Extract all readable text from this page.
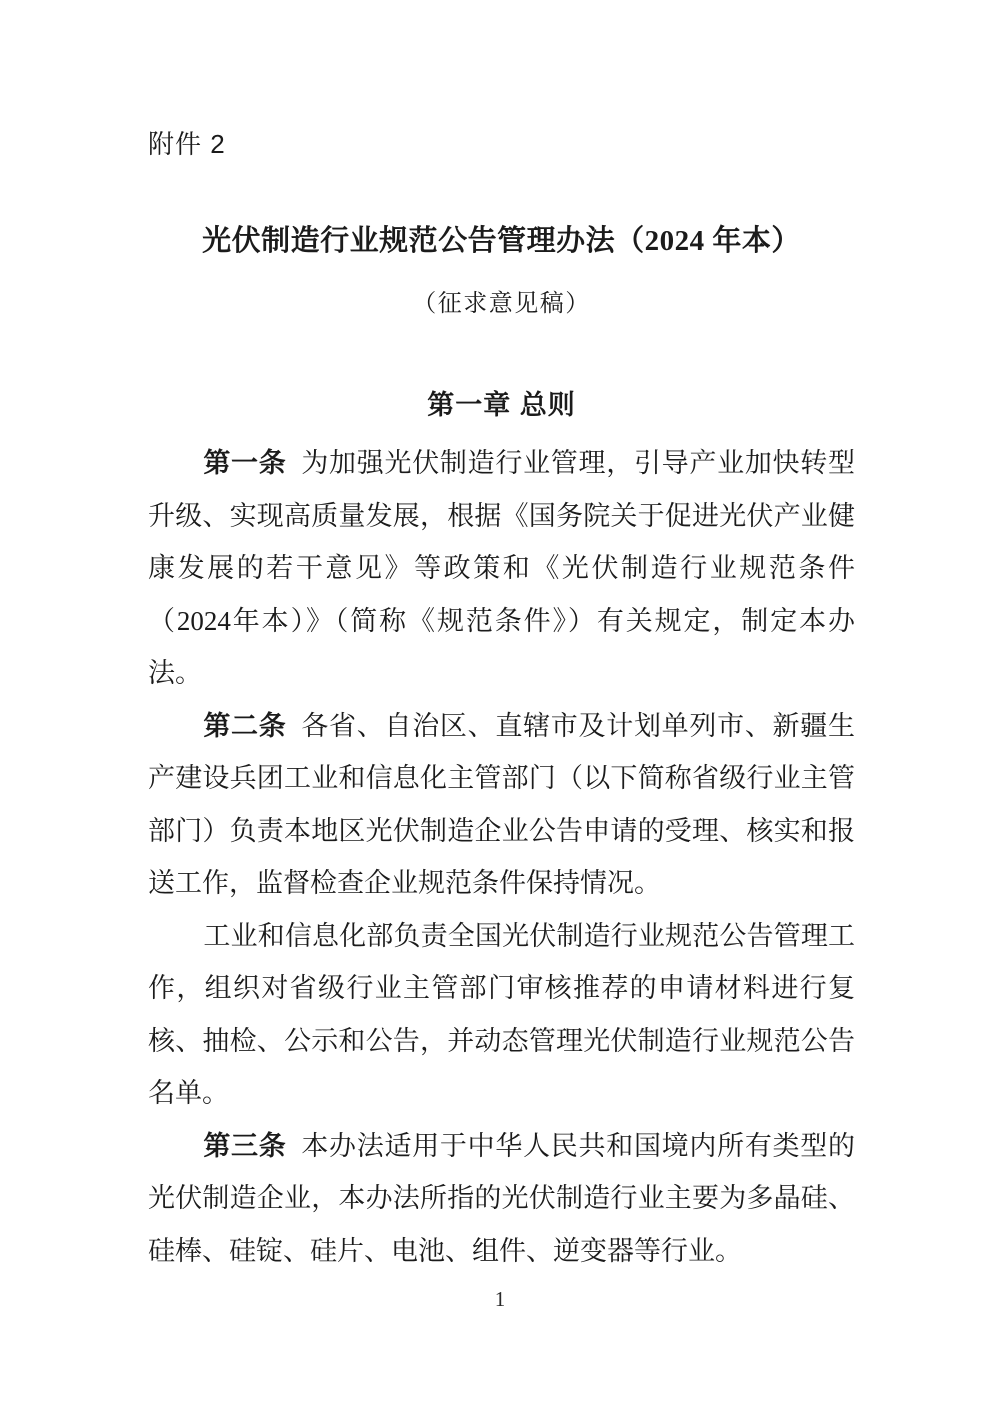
附件 2
光伏制造行业规范公告管理办法（2024 年本）
（征求意见稿）
第一章 总则

第一条 为加强光伏制造行业管理，引导产业加快转型升级、实现高质量发展，根据《国务院关于促进光伏产业健康发展的若干意见》等政策和《光伏制造行业规范条件（2024年本）》（简称《规范条件》）有关规定，制定本办法。

第二条 各省、自治区、直辖市及计划单列市、新疆生产建设兵团工业和信息化主管部门（以下简称省级行业主管部门）负责本地区光伏制造企业公告申请的受理、核实和报送工作，监督检查企业规范条件保持情况。

工业和信息化部负责全国光伏制造行业规范公告管理工作，组织对省级行业主管部门审核推荐的申请材料进行复核、抽检、公示和公告，并动态管理光伏制造行业规范公告名单。

第三条 本办法适用于中华人民共和国境内所有类型的光伏制造企业，本办法所指的光伏制造行业主要为多晶硅、硅棒、硅锭、硅片、电池、组件、逆变器等行业。

1
